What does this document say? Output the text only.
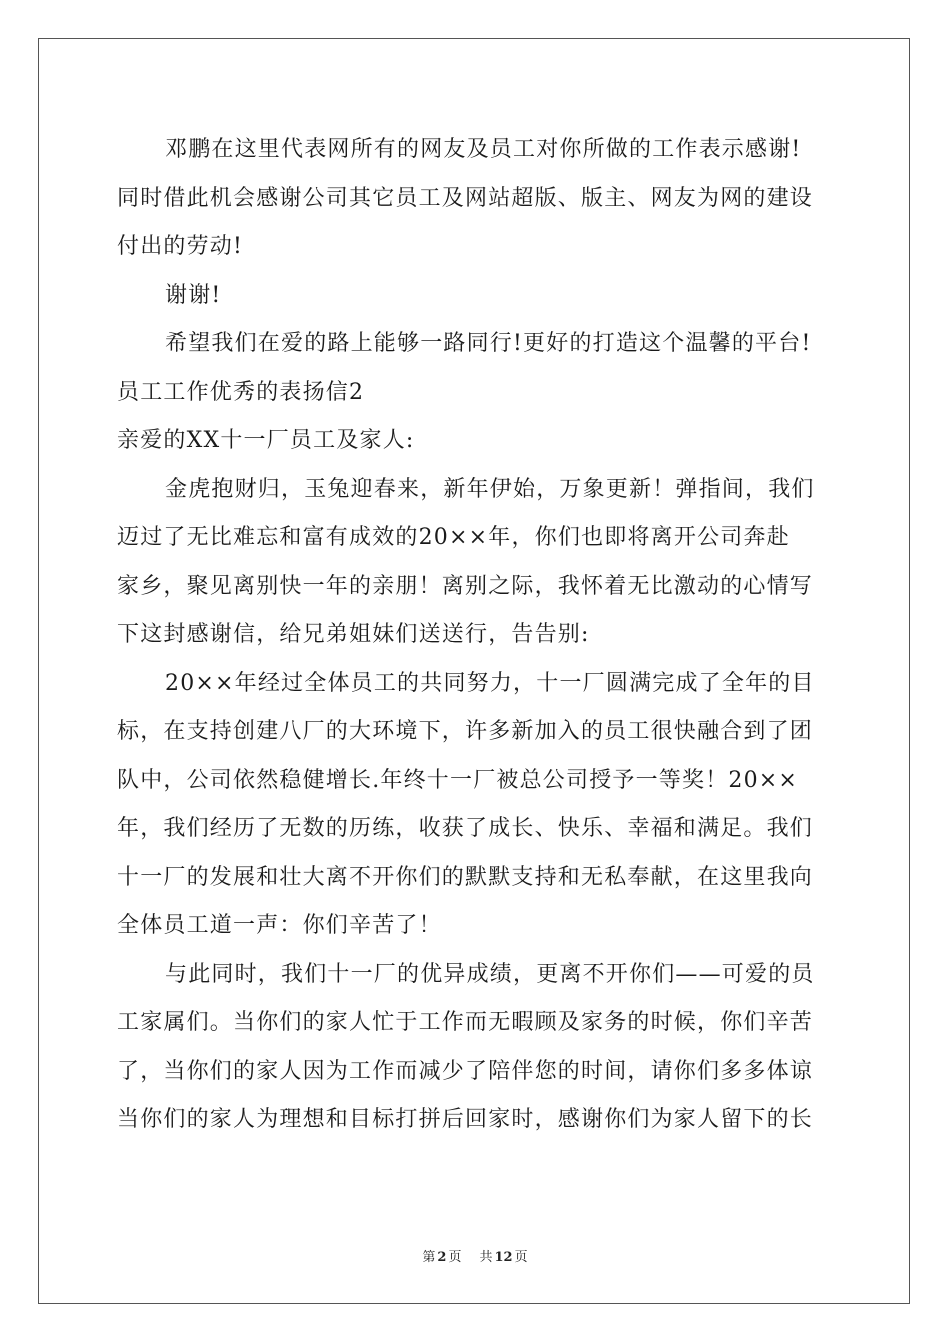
邓鹏在这里代表网所有的网友及员工对你所做的工作表示感谢!
同时借此机会感谢公司其它员工及网站超版、版主、网友为网的建设
付出的劳动!
谢谢!
希望我们在爱的路上能够一路同行!更好的打造这个温馨的平台!
员工工作优秀的表扬信2
亲爱的XX十一厂员工及家人:
金虎抱财归，玉兔迎春来，新年伊始，万象更新！弹指间，我们
迈过了无比难忘和富有成效的20××年，你们也即将离开公司奔赴
家乡，聚见离别快一年的亲朋！离别之际，我怀着无比激动的心情写
下这封感谢信，给兄弟姐妹们送送行，告告别:
20××年经过全体员工的共同努力，十一厂圆满完成了全年的目
标，在支持创建八厂的大环境下，许多新加入的员工很快融合到了团
队中，公司依然稳健增长.年终十一厂被总公司授予一等奖！20××
年，我们经历了无数的历练，收获了成长、快乐、幸福和满足。我们
十一厂的发展和壮大离不开你们的默默支持和无私奉献，在这里我向
全体员工道一声：你们辛苦了！
与此同时，我们十一厂的优异成绩，更离不开你们——可爱的员
工家属们。当你们的家人忙于工作而无暇顾及家务的时候，你们辛苦
了，当你们的家人因为工作而减少了陪伴您的时间，请你们多多体谅
当你们的家人为理想和目标打拼后回家时，感谢你们为家人留下的长
第 2 页 共 12 页
